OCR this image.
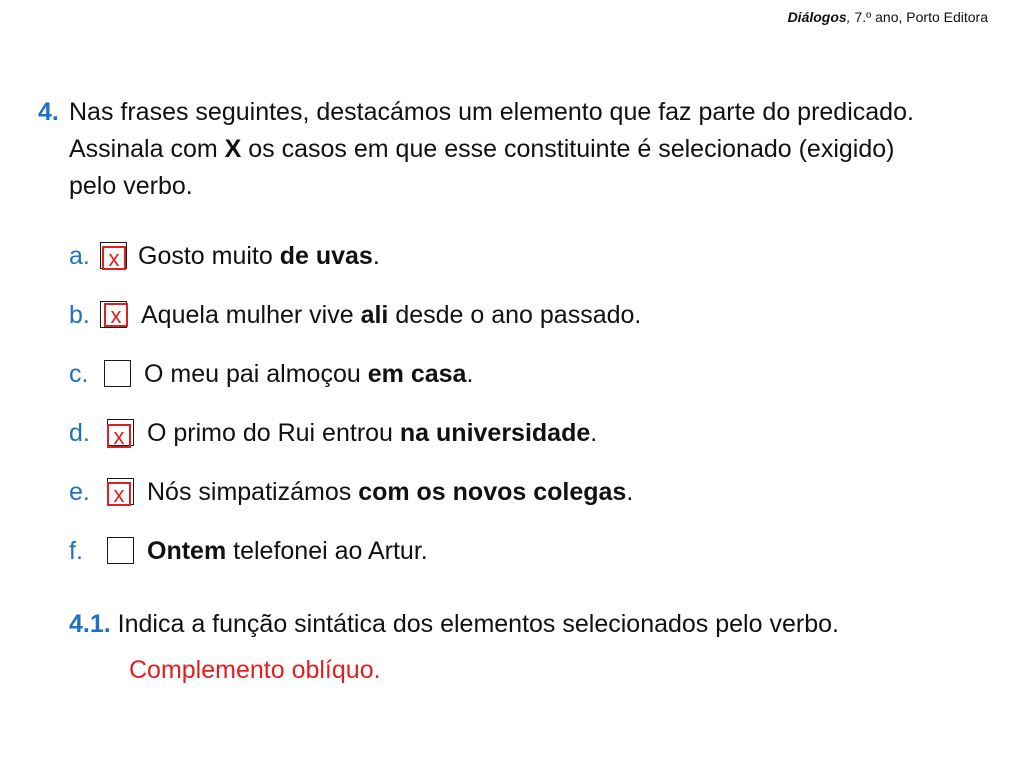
Diálogos, 7.º ano, Porto Editora
4. Nas frases seguintes, destacámos um elemento que faz parte do predicado. Assinala com X os casos em que esse constituinte é selecionado (exigido) pelo verbo.
a. x Gosto muito de uvas.
b. x Aquela mulher vive ali desde o ano passado.
c. O meu pai almoçou em casa.
d. x O primo do Rui entrou na universidade.
e. x Nós simpatizámos com os novos colegas.
f.	Ontem telefonei ao Artur.
4.1. Indica a função sintática dos elementos selecionados pelo verbo.
Complemento oblíquo.
